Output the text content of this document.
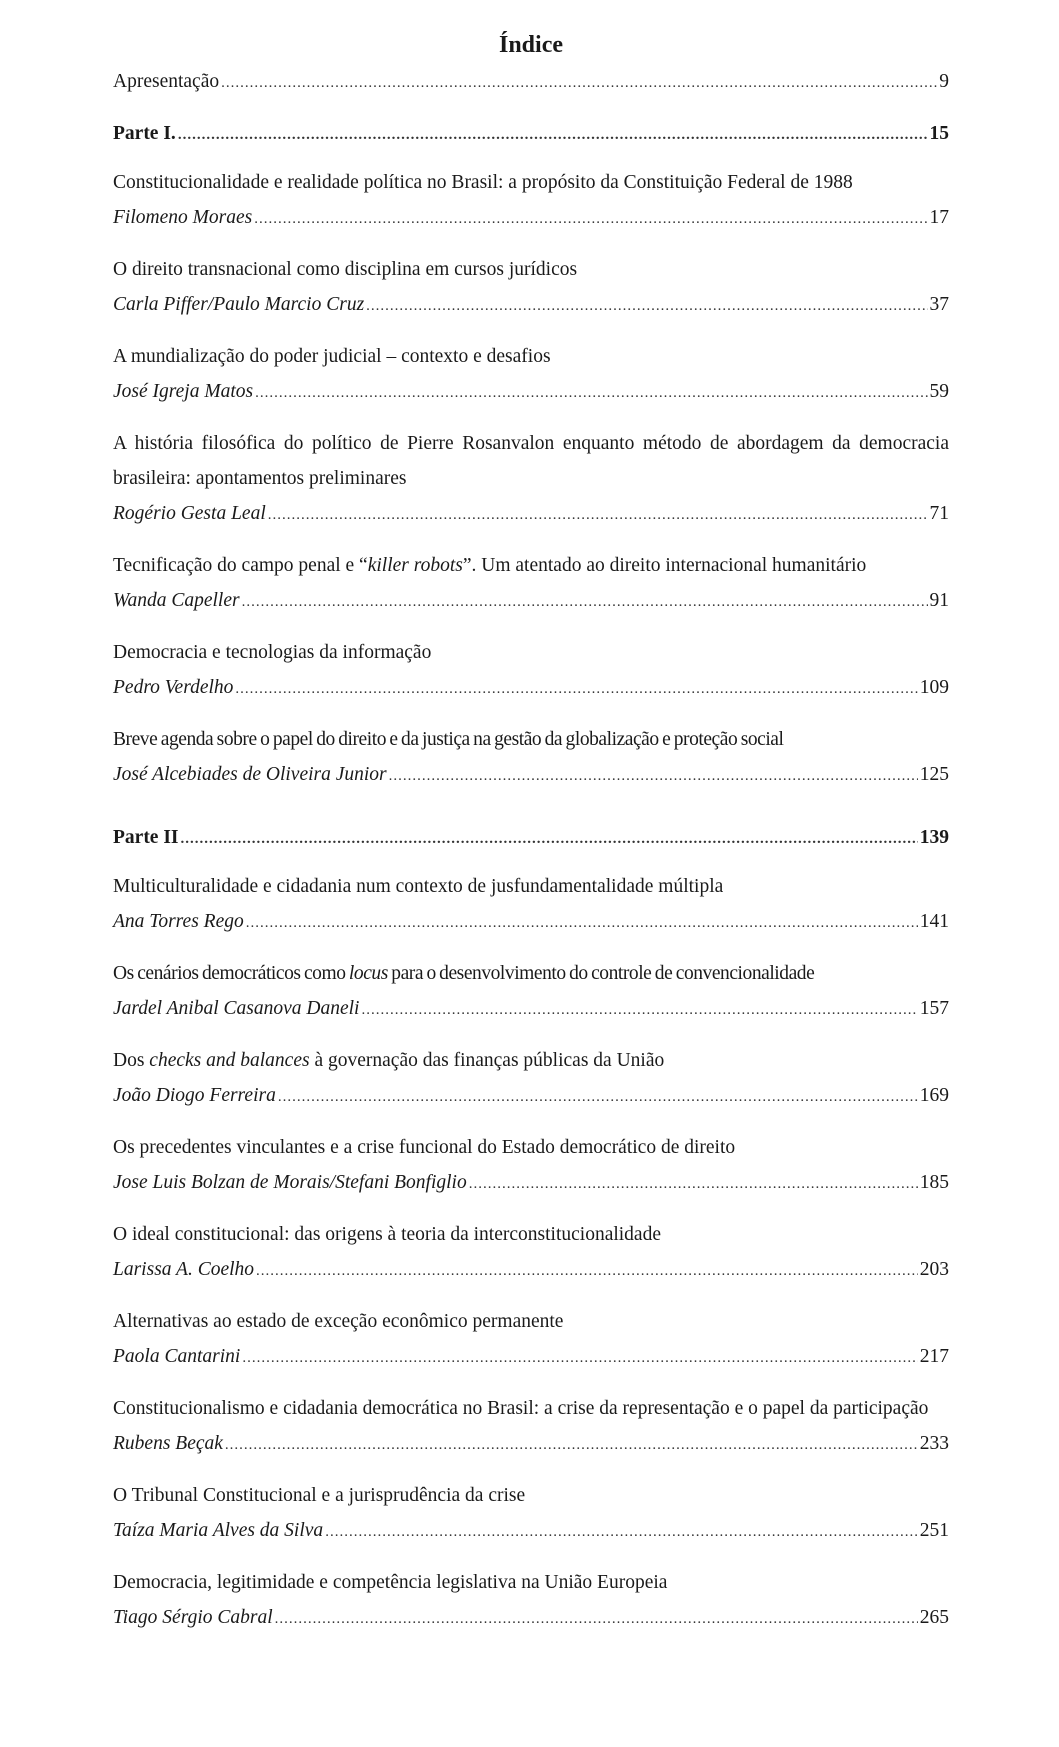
Índice
Apresentação .....	9
Parte I. .....	15
Constitucionalidade e realidade política no Brasil: a propósito da Constituição Federal de 1988
Filomeno Moraes .....	17
O direito transnacional como disciplina em cursos jurídicos
Carla Piffer/Paulo Marcio Cruz .....	37
A mundialização do poder judicial – contexto e desafios
José Igreja Matos .....	59
A história filosófica do político de Pierre Rosanvalon enquanto método de abordagem da democracia brasileira: apontamentos preliminares
Rogério Gesta Leal .....	71
Tecnificação do campo penal e “killer robots”. Um atentado ao direito internacional humanitário
Wanda Capeller .....	91
Democracia e tecnologias da informação
Pedro Verdelho .....	109
Breve agenda sobre o papel do direito e da justiça na gestão da globalização e proteção social
José Alcebiades de Oliveira Junior .....	125
Parte II .....	139
Multiculturalidade e cidadania num contexto de jusfundamentalidade múltipla
Ana Torres Rego .....	141
Os cenários democráticos como locus para o desenvolvimento do controle de convencionalidade
Jardel Anibal Casanova Daneli .....	157
Dos checks and balances à governação das finanças públicas da União
João Diogo Ferreira .....	169
Os precedentes vinculantes e a crise funcional do Estado democrático de direito
Jose Luis Bolzan de Morais/Stefani Bonfiglio .....	185
O ideal constitucional: das origens à teoria da interconstitucionalidade
Larissa A. Coelho .....	203
Alternativas ao estado de exceção econômico permanente
Paola Cantarini .....	217
Constitucionalismo e cidadania democrática no Brasil: a crise da representação e o papel da participação
Rubens Beçak .....	233
O Tribunal Constitucional e a jurisprudência da crise
Taíza Maria Alves da Silva .....	251
Democracia, legitimidade e competência legislativa na União Europeia
Tiago Sérgio Cabral .....	265
